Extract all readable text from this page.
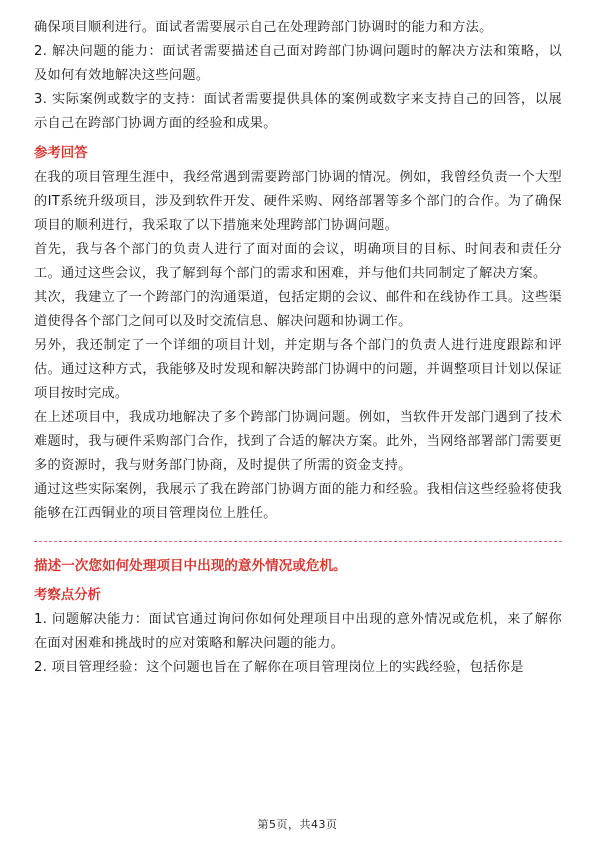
确保项目顺利进行。面试者需要展示自己在处理跨部门协调时的能力和方法。

2. 解决问题的能力：面试者需要描述自己面对跨部门协调问题时的解决方法和策略，以及如何有效地解决这些问题。

3. 实际案例或数字的支持：面试者需要提供具体的案例或数字来支持自己的回答，以展示自己在跨部门协调方面的经验和成果。

参考回答

在我的项目管理生涯中，我经常遇到需要跨部门协调的情况。例如，我曾经负责一个大型的IT系统升级项目，涉及到软件开发、硬件采购、网络部署等多个部门的合作。为了确保项目的顺利进行，我采取了以下措施来处理跨部门协调问题。

首先，我与各个部门的负责人进行了面对面的会议，明确项目的目标、时间表和责任分工。通过这些会议，我了解到每个部门的需求和困难，并与他们共同制定了解决方案。

其次，我建立了一个跨部门的沟通渠道，包括定期的会议、邮件和在线协作工具。这些渠道使得各个部门之间可以及时交流信息、解决问题和协调工作。

另外，我还制定了一个详细的项目计划，并定期与各个部门的负责人进行进度跟踪和评估。通过这种方式，我能够及时发现和解决跨部门协调中的问题，并调整项目计划以保证项目按时完成。

在上述项目中，我成功地解决了多个跨部门协调问题。例如，当软件开发部门遇到了技术难题时，我与硬件采购部门合作，找到了合适的解决方案。此外，当网络部署部门需要更多的资源时，我与财务部门协商，及时提供了所需的资金支持。

通过这些实际案例，我展示了我在跨部门协调方面的能力和经验。我相信这些经验将使我能够在江西铜业的项目管理岗位上胜任。

描述一次您如何处理项目中出现的意外情况或危机。
考察点分析

1. 问题解决能力：面试官通过询问你如何处理项目中出现的意外情况或危机，来了解你在面对困难和挑战时的应对策略和解决问题的能力。

2. 项目管理经验：这个问题也旨在了解你在项目管理岗位上的实践经验，包括你是

第5页，共43页
